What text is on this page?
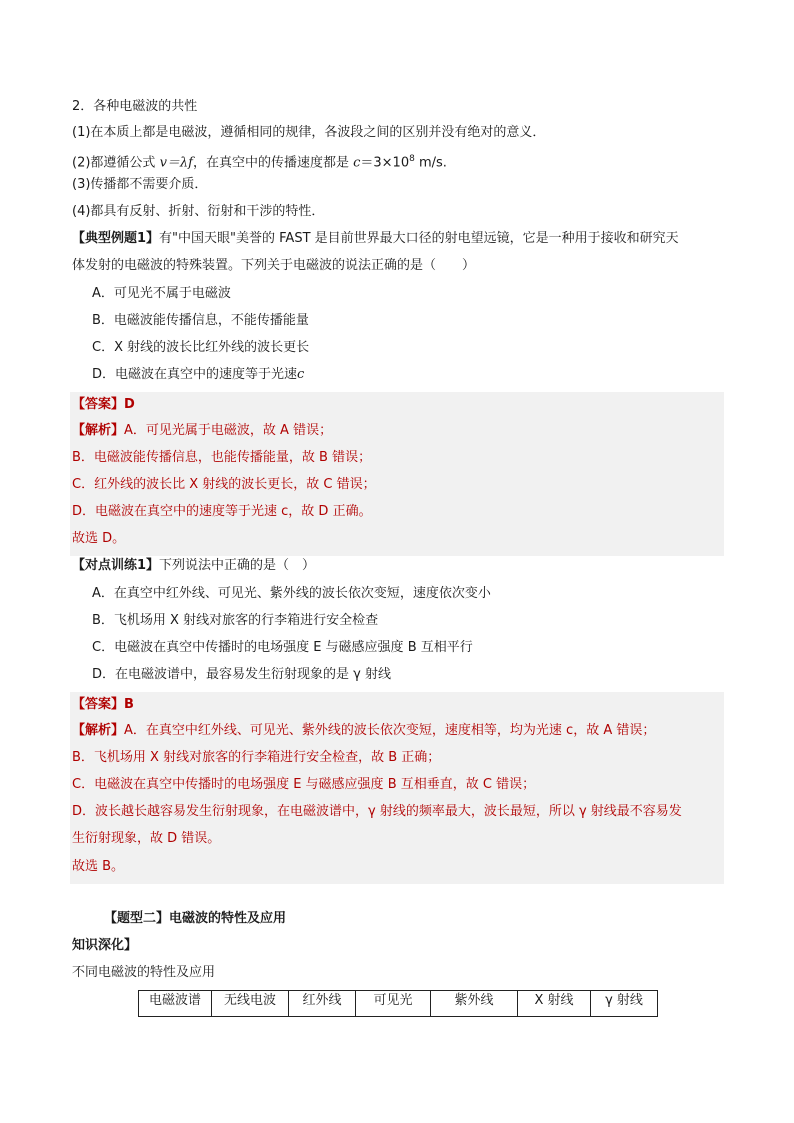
2．各种电磁波的共性
(1)在本质上都是电磁波，遵循相同的规律，各波段之间的区别并没有绝对的意义．
(2)都遵循公式 v＝λf，在真空中的传播速度都是 $c=3\times 10^8$ m/s.
(3)传播都不需要介质．
(4)都具有反射、折射、衍射和干涉的特性．
【典型例题1】有"中国天眼"美誉的 FAST 是目前世界最大口径的射电望远镜，它是一种用于接收和研究天
体发射的电磁波的特殊装置。下列关于电磁波的说法正确的是（　　）
A．可见光不属于电磁波
B．电磁波能传播信息，不能传播能量
C．X 射线的波长比红外线的波长更长
D．电磁波在真空中的速度等于光速c
【答案】D
【解析】A．可见光属于电磁波，故 A 错误；
B．电磁波能传播信息，也能传播能量，故 B 错误；
C．红外线的波长比 X 射线的波长更长，故 C 错误；
D．电磁波在真空中的速度等于光速 c，故 D 正确。
故选 D。
【对点训练1】下列说法中正确的是（　）
A．在真空中红外线、可见光、紫外线的波长依次变短，速度依次变小
B．飞机场用 X 射线对旅客的行李箱进行安全检查
C．电磁波在真空中传播时的电场强度 E 与磁感应强度 B 互相平行
D．在电磁波谱中，最容易发生衍射现象的是 γ 射线
【答案】B
【解析】A．在真空中红外线、可见光、紫外线的波长依次变短，速度相等，均为光速 c，故 A 错误；
B．飞机场用 X 射线对旅客的行李箱进行安全检查，故 B 正确；
C．电磁波在真空中传播时的电场强度 E 与磁感应强度 B 互相垂直，故 C 错误；
D．波长越长越容易发生衍射现象，在电磁波谱中，γ 射线的频率最大，波长最短，所以 γ 射线最不容易发
生衍射现象，故 D 错误。
故选 B。
【题型二】电磁波的特性及应用
知识深化】
不同电磁波的特性及应用
电磁波谱	无线电波	红外线	可见光	紫外线	X 射线	γ 射线
